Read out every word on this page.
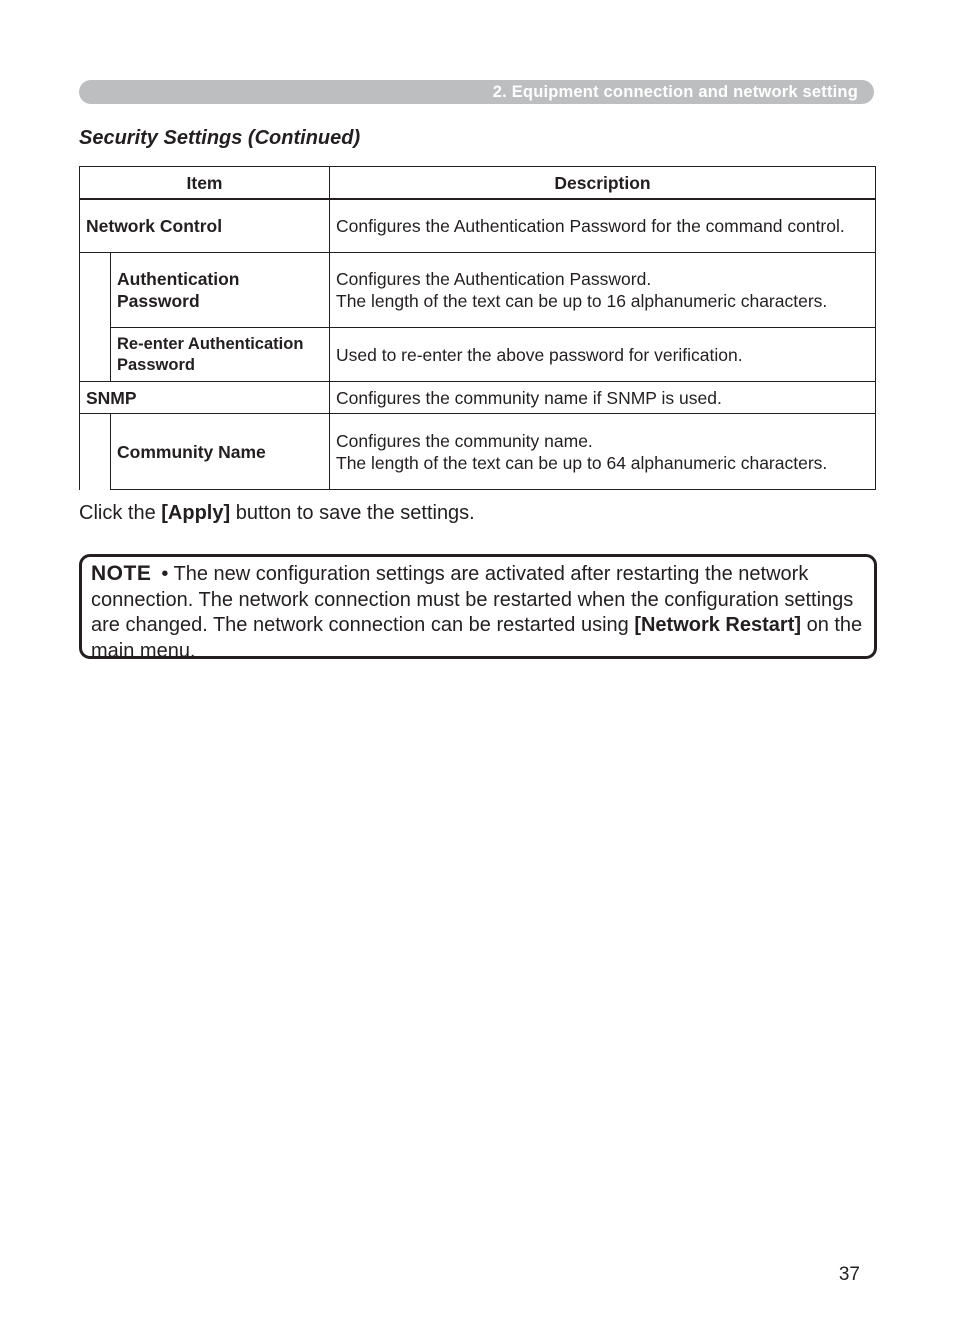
2. Equipment connection and network setting
Security Settings (Continued)
Item		Description
Network Control		Configures the Authentication Password for the command control.
	Authentication Password	Configures the Authentication Password.
The length of the text can be up to 16 alphanumeric characters.

	Re-enter Authentication Password	Used to re-enter the above password for verification.
SNMP		Configures the community name if SNMP is used.
	Community Name	Configures the community name.
The length of the text can be up to 64 alphanumeric characters.
Click the [Apply] button to save the settings.
NOTE • The new configuration settings are activated after restarting the network connection. The network connection must be restarted when the configuration settings are changed. The network connection can be restarted using [Network Restart] on the main menu.
37
